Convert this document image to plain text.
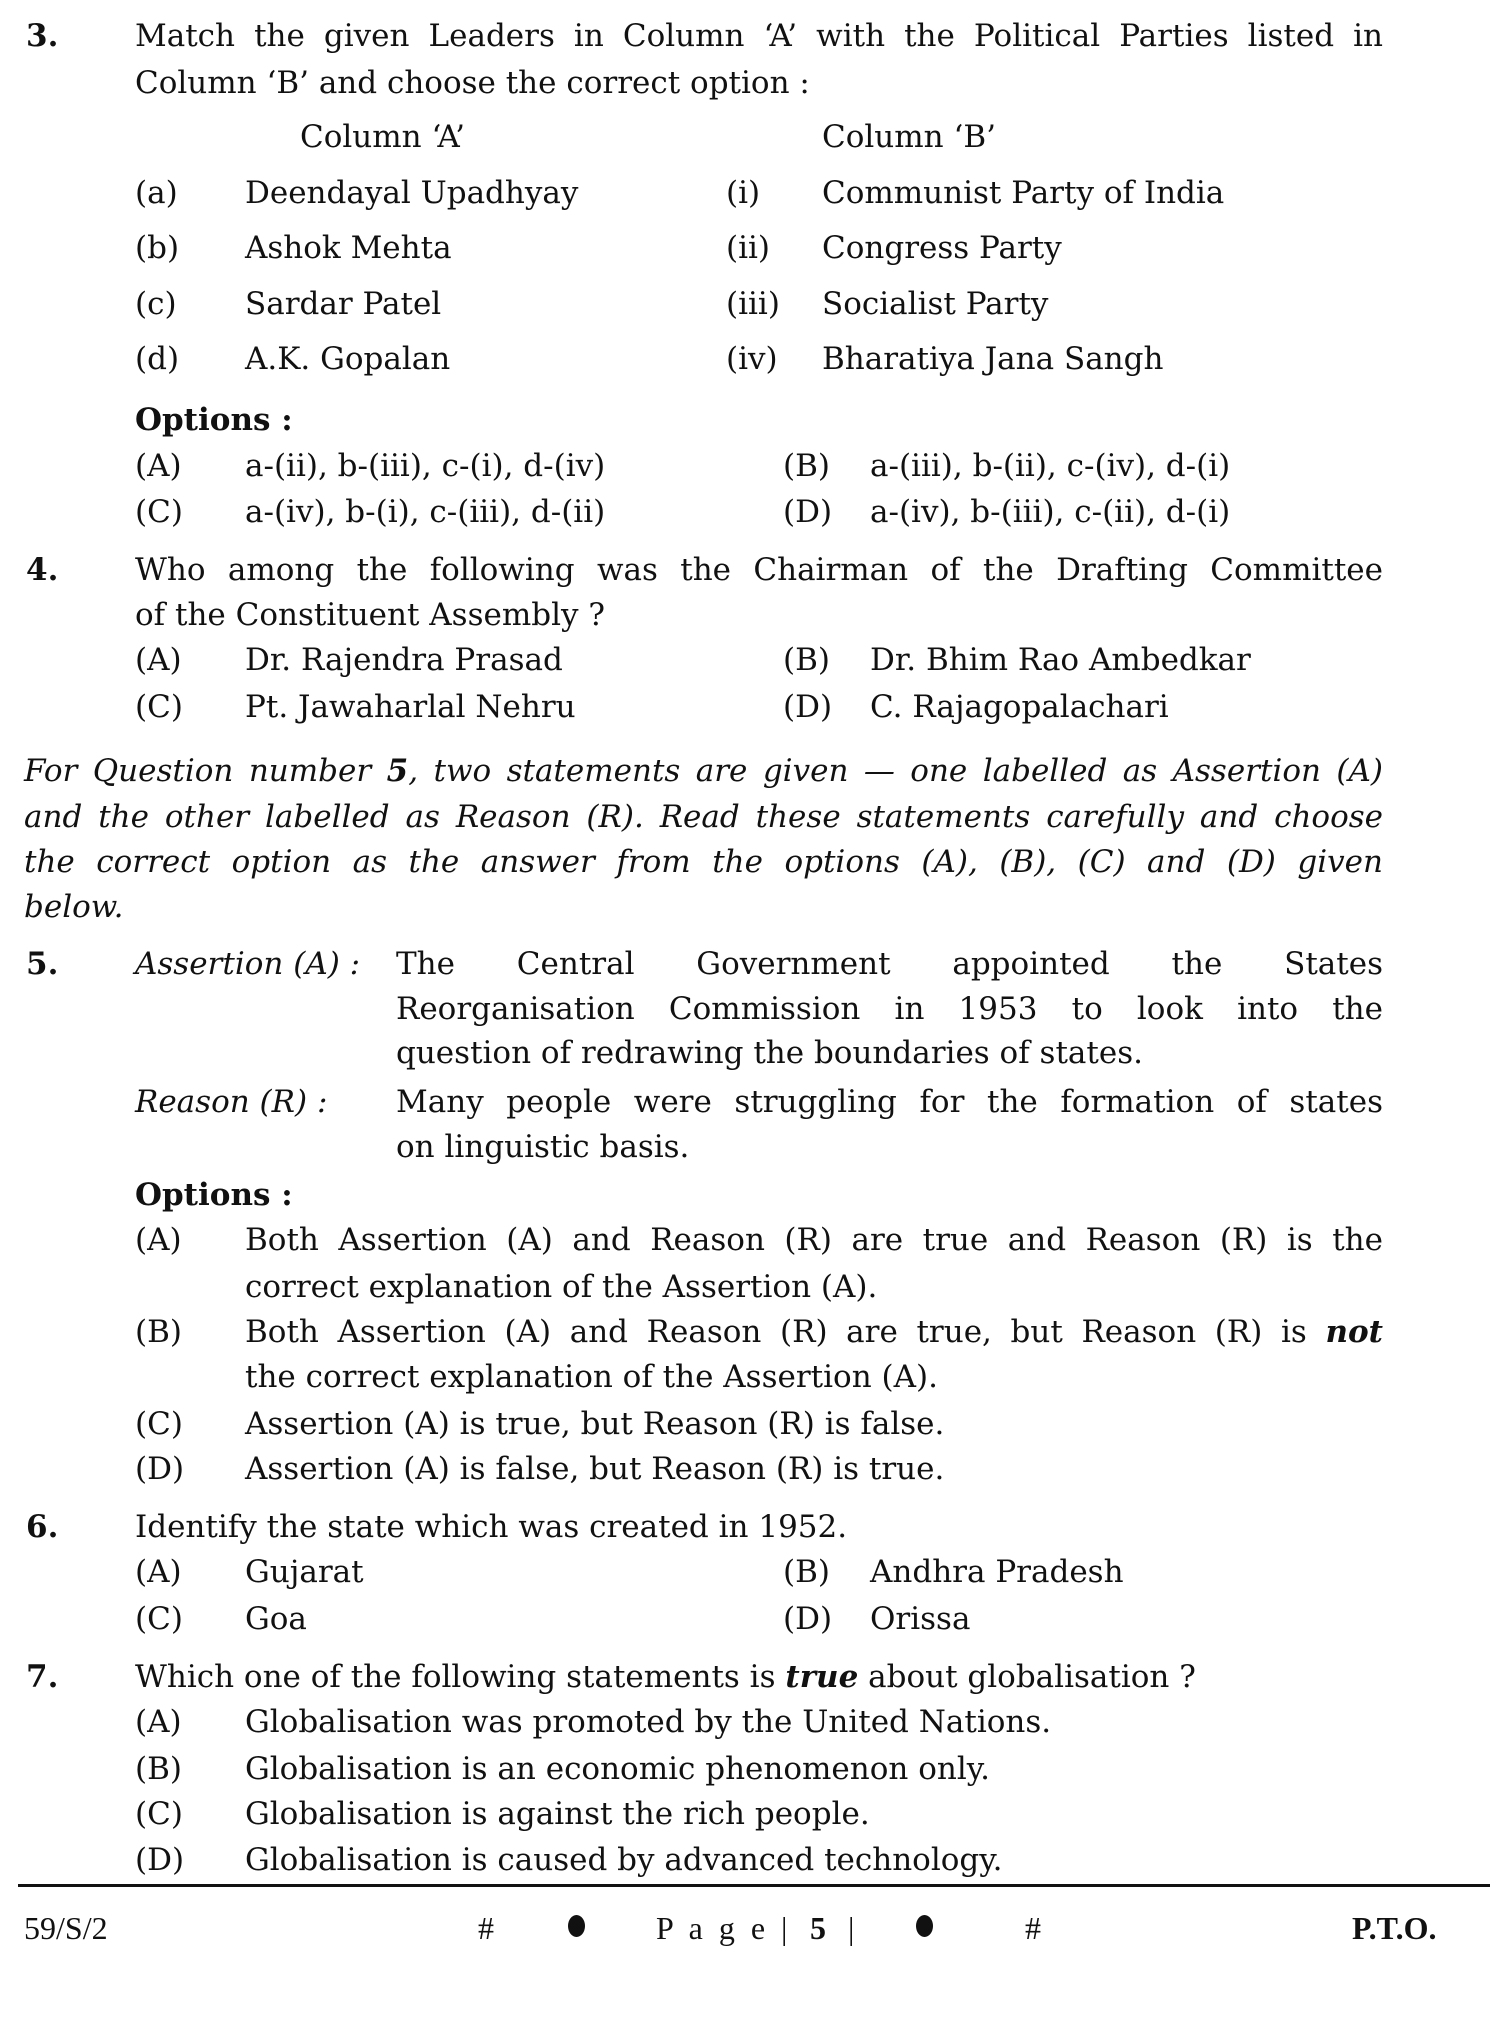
3. Match the given Leaders in Column ‘A’ with the Political Parties listed in
Column ‘B’ and choose the correct option :
Column ‘A’	Column ‘B’
(a) Deendayal Upadhyay	(i) Communist Party of India
(b) Ashok Mehta	(ii) Congress Party
(c) Sardar Patel	(iii) Socialist Party
(d) A.K. Gopalan	(iv) Bharatiya Jana Sangh
Options :
(A) a-(ii), b-(iii), c-(i), d-(iv)	(B) a-(iii), b-(ii), c-(iv), d-(i)
(C) a-(iv), b-(i), c-(iii), d-(ii)	(D) a-(iv), b-(iii), c-(ii), d-(i)
4. Who among the following was the Chairman of the Drafting Committee
of the Constituent Assembly ?
(A) Dr. Rajendra Prasad	(B) Dr. Bhim Rao Ambedkar
(C) Pt. Jawaharlal Nehru	(D) C. Rajagopalachari
For Question number 5, two statements are given — one labelled as Assertion (A)
and the other labelled as Reason (R). Read these statements carefully and choose
the correct option as the answer from the options (A), (B), (C) and (D) given
below.
5. Assertion (A) : The Central Government appointed the States
Reorganisation Commission in 1953 to look into the
question of redrawing the boundaries of states.
Reason (R) : Many people were struggling for the formation of states
on linguistic basis.
Options :
(A) Both Assertion (A) and Reason (R) are true and Reason (R) is the
correct explanation of the Assertion (A).
(B) Both Assertion (A) and Reason (R) are true, but Reason (R) is not
the correct explanation of the Assertion (A).
(C) Assertion (A) is true, but Reason (R) is false.
(D) Assertion (A) is false, but Reason (R) is true.
6. Identify the state which was created in 1952.
(A) Gujarat	(B) Andhra Pradesh
(C) Goa	(D) Orissa
7. Which one of the following statements is true about globalisation ?
(A) Globalisation was promoted by the United Nations.
(B) Globalisation is an economic phenomenon only.
(C) Globalisation is against the rich people.
(D) Globalisation is caused by advanced technology.
59/S/2	#	P a g e | 5 |	#	P.T.O.
